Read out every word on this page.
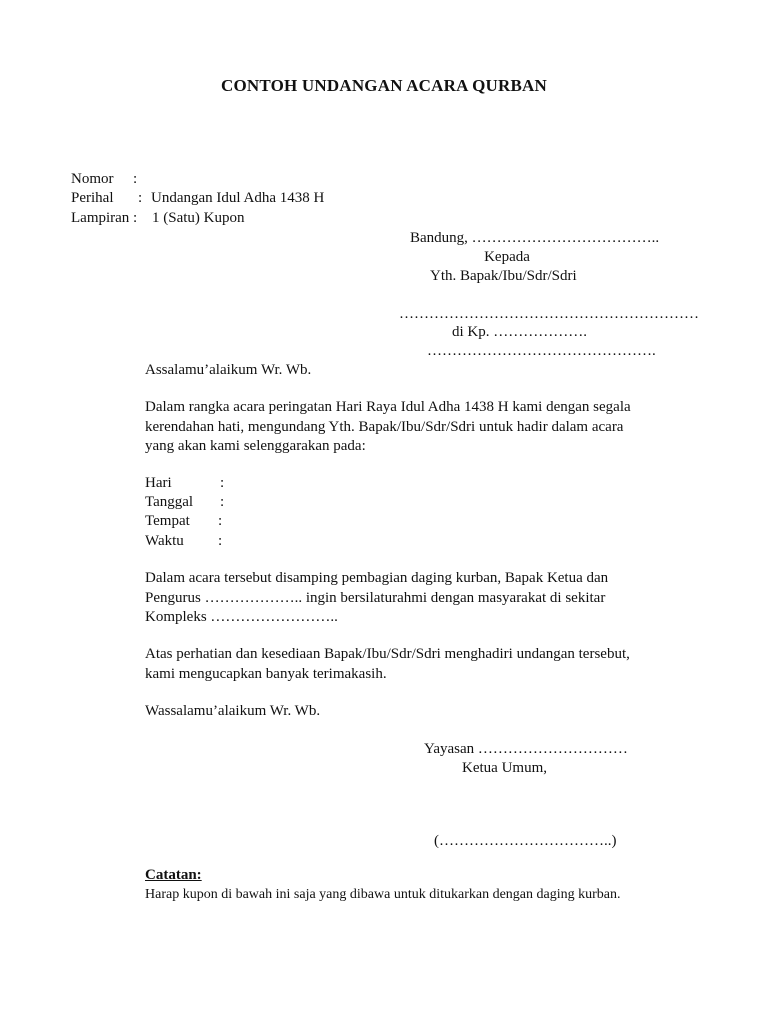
CONTOH UNDANGAN ACARA QURBAN
Nomor :
Perihal : Undangan Idul Adha 1438 H
Lampiran : 1 (Satu) Kupon
Bandung, ………………………………..
Kepada
Yth. Bapak/Ibu/Sdr/Sdri
……………………………………………………
di Kp. ……………….
……………………………………….
Assalamu’alaikum Wr. Wb.
Dalam rangka acara peringatan Hari Raya Idul Adha 1438 H kami dengan segala
kerendahan hati, mengundang Yth. Bapak/Ibu/Sdr/Sdri untuk hadir dalam acara
yang akan kami selenggarakan pada:
Hari	:
Tanggal :
Tempat :
Waktu :
Dalam acara tersebut disamping pembagian daging kurban, Bapak Ketua dan
Pengurus ……………….. ingin bersilaturahmi dengan masyarakat di sekitar
Kompleks ……………………..
Atas perhatian dan kesediaan Bapak/Ibu/Sdr/Sdri menghadiri undangan tersebut,
kami mengucapkan banyak terimakasih.
Wassalamu’alaikum Wr. Wb.
Yayasan …………………………
Ketua Umum,
(……………………………..)
Catatan:
Harap kupon di bawah ini saja yang dibawa untuk ditukarkan dengan daging kurban.
